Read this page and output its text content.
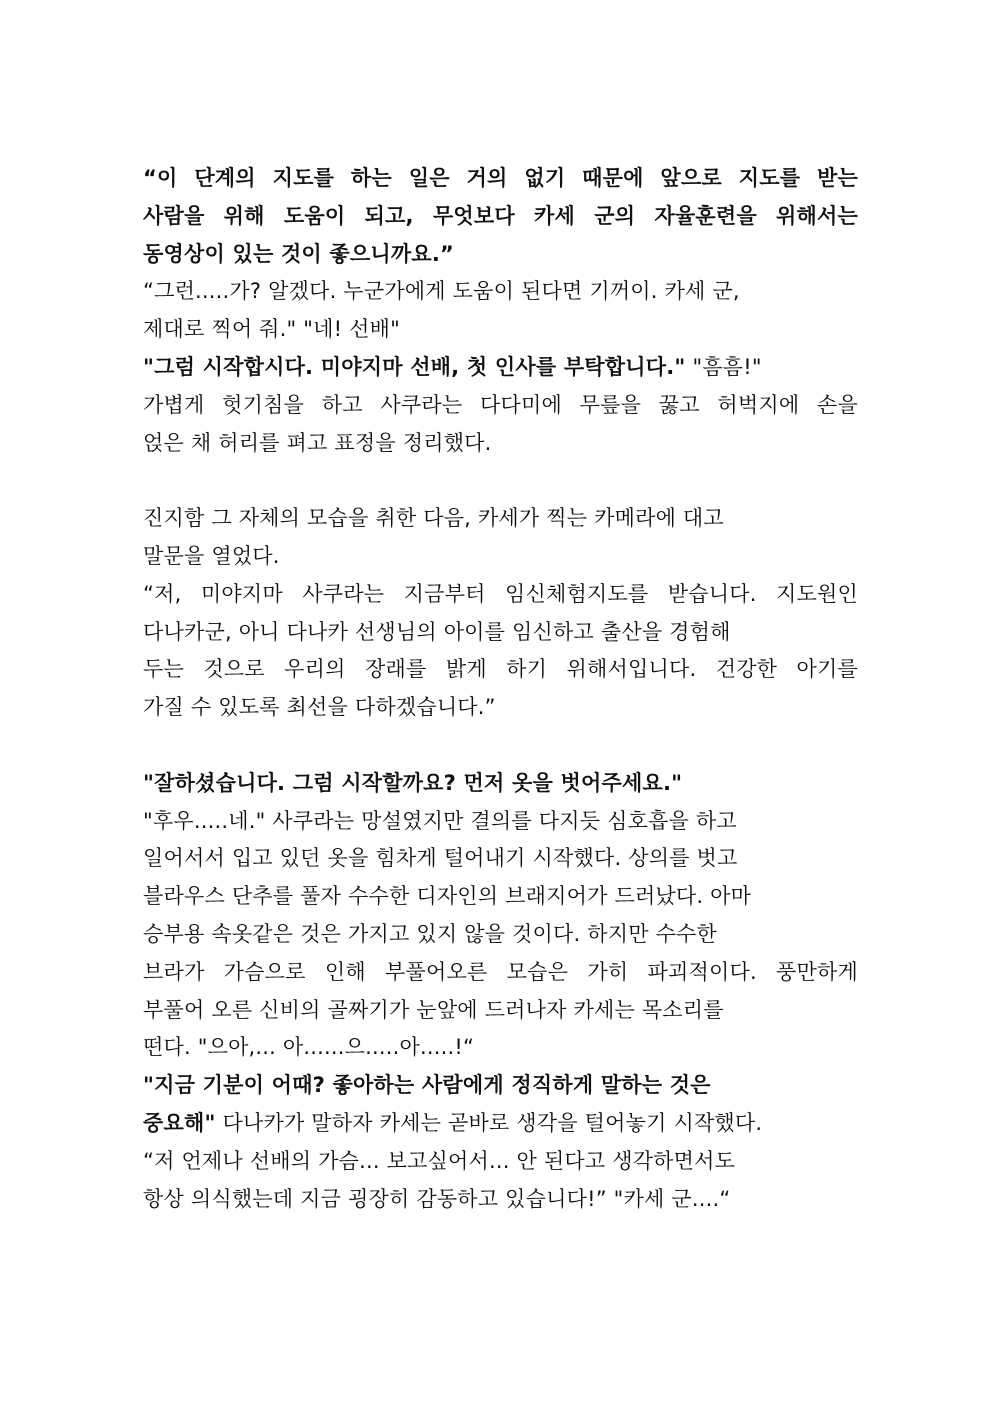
“이 단계의 지도를 하는 일은 거의 없기 때문에 앞으로 지도를 받는
사람을 위해 도움이 되고, 무엇보다 카세 군의 자율훈련을 위해서는
동영상이 있는 것이 좋으니까요.”
“그런.....가? 알겠다. 누군가에게 도움이 된다면 기꺼이. 카세 군,
제대로 찍어 줘." "네! 선배"
"그럼 시작합시다. 미야지마 선배, 첫 인사를 부탁합니다." "흠흠!"
가볍게 헛기침을 하고 사쿠라는 다다미에 무릎을 꿇고 허벅지에 손을
얹은 채 허리를 펴고 표정을 정리했다.
진지함 그 자체의 모습을 취한 다음, 카세가 찍는 카메라에 대고
말문을 열었다.
“저, 미야지마 사쿠라는 지금부터 임신체험지도를 받습니다. 지도원인
다나카군, 아니 다나카 선생님의 아이를 임신하고 출산을 경험해
두는 것으로 우리의 장래를 밝게 하기 위해서입니다. 건강한 아기를
가질 수 있도록 최선을 다하겠습니다.”
"잘하셨습니다. 그럼 시작할까요? 먼저 옷을 벗어주세요."
"후우.....네." 사쿠라는 망설였지만 결의를 다지듯 심호흡을 하고
일어서서 입고 있던 옷을 힘차게 털어내기 시작했다. 상의를 벗고
블라우스 단추를 풀자 수수한 디자인의 브래지어가 드러났다. 아마
승부용 속옷같은 것은 가지고 있지 않을 것이다. 하지만 수수한
브라가 가슴으로 인해 부풀어오른 모습은 가히 파괴적이다. 풍만하게
부풀어 오른 신비의 골짜기가 눈앞에 드러나자 카세는 목소리를
떤다. "으아,... 아......으.....아.....!“
"지금 기분이 어때? 좋아하는 사람에게 정직하게 말하는 것은
중요해" 다나카가 말하자 카세는 곧바로 생각을 털어놓기 시작했다.
“저 언제나 선배의 가슴... 보고싶어서... 안 된다고 생각하면서도
항상 의식했는데 지금 굉장히 감동하고 있습니다!” "카세 군....“
